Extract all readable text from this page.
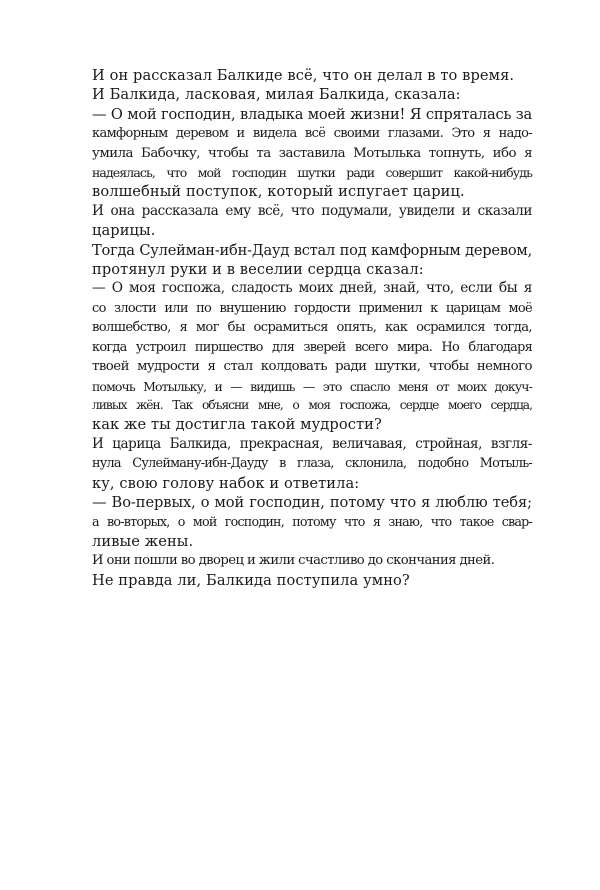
И он рассказал Балкиде всё, что он делал в то время.

И Балкида, ласковая, милая Балкида, сказала:

— О мой господин, владыка моей жизни! Я спряталась за
камфорным деревом и видела всё своими глазами. Это я надо-
умила Бабочку, чтобы та заставила Мотылька топнуть, ибо я
надеялась, что мой господин шутки ради совершит какой-нибудь
волшебный поступок, который испугает цариц.

И она рассказала ему всё, что подумали, увидели и сказали
царицы.

Тогда Сулейман-ибн-Дауд встал под камфорным деревом,
протянул руки и в веселии сердца сказал:

— О моя госпожа, сладость моих дней, знай, что, если бы я
со злости или по внушению гордости применил к царицам моё
волшебство, я мог бы осрамиться опять, как осрамился тогда,
когда устроил пиршество для зверей всего мира. Но благодаря
твоей мудрости я стал колдовать ради шутки, чтобы немного
помочь Мотыльку, и — видишь — это спасло меня от моих докуч-
ливых жён. Так объясни мне, о моя госпожа, сердце моего сердца,
как же ты достигла такой мудрости?

И царица Балкида, прекрасная, величавая, стройная, взгля-
нула Сулейману-ибн-Дауду в глаза, склонила, подобно Мотыль-
ку, свою голову набок и ответила:

— Во-первых, о мой господин, потому что я люблю тебя;
а во-вторых, о мой господин, потому что я знаю, что такое свар-
ливые жены.

И они пошли во дворец и жили счастливо до скончания дней.

Не правда ли, Балкида поступила умно?
